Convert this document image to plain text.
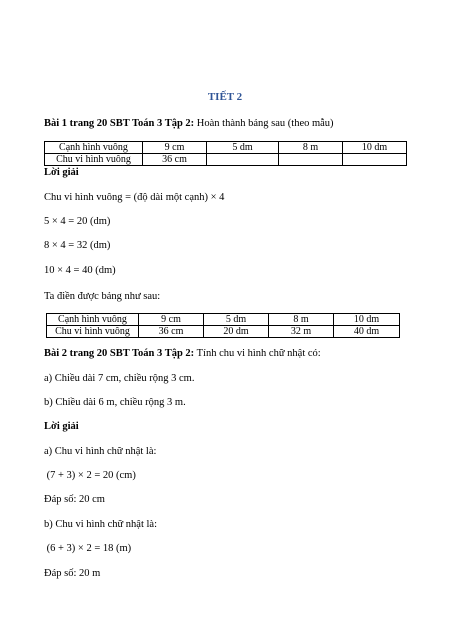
TIẾT 2
Bài 1 trang 20 SBT Toán 3 Tập 2: Hoàn thành bảng sau (theo mẫu)
Cạnh hình vuông	9 cm	5 dm	8 m	10 dm
Chu vi hình vuông	36 cm			
Lời giải
Chu vi hình vuông = (độ dài một cạnh) × 4
5 × 4 = 20 (dm)
8 × 4 = 32 (dm)
10 × 4 = 40 (dm)
Ta điền được bảng như sau:
Cạnh hình vuông	9 cm	5 dm	8 m	10 dm
Chu vi hình vuông	36 cm	20 dm	32 m	40 dm
Bài 2 trang 20 SBT Toán 3 Tập 2: Tính chu vi hình chữ nhật có:
a) Chiều dài 7 cm, chiều rộng 3 cm.
b) Chiều dài 6 m, chiều rộng 3 m.
Lời giải
a) Chu vi hình chữ nhật là:
(7 + 3) × 2 = 20 (cm)
Đáp số: 20 cm
b) Chu vi hình chữ nhật là:
(6 + 3) × 2 = 18 (m)
Đáp số: 20 m
